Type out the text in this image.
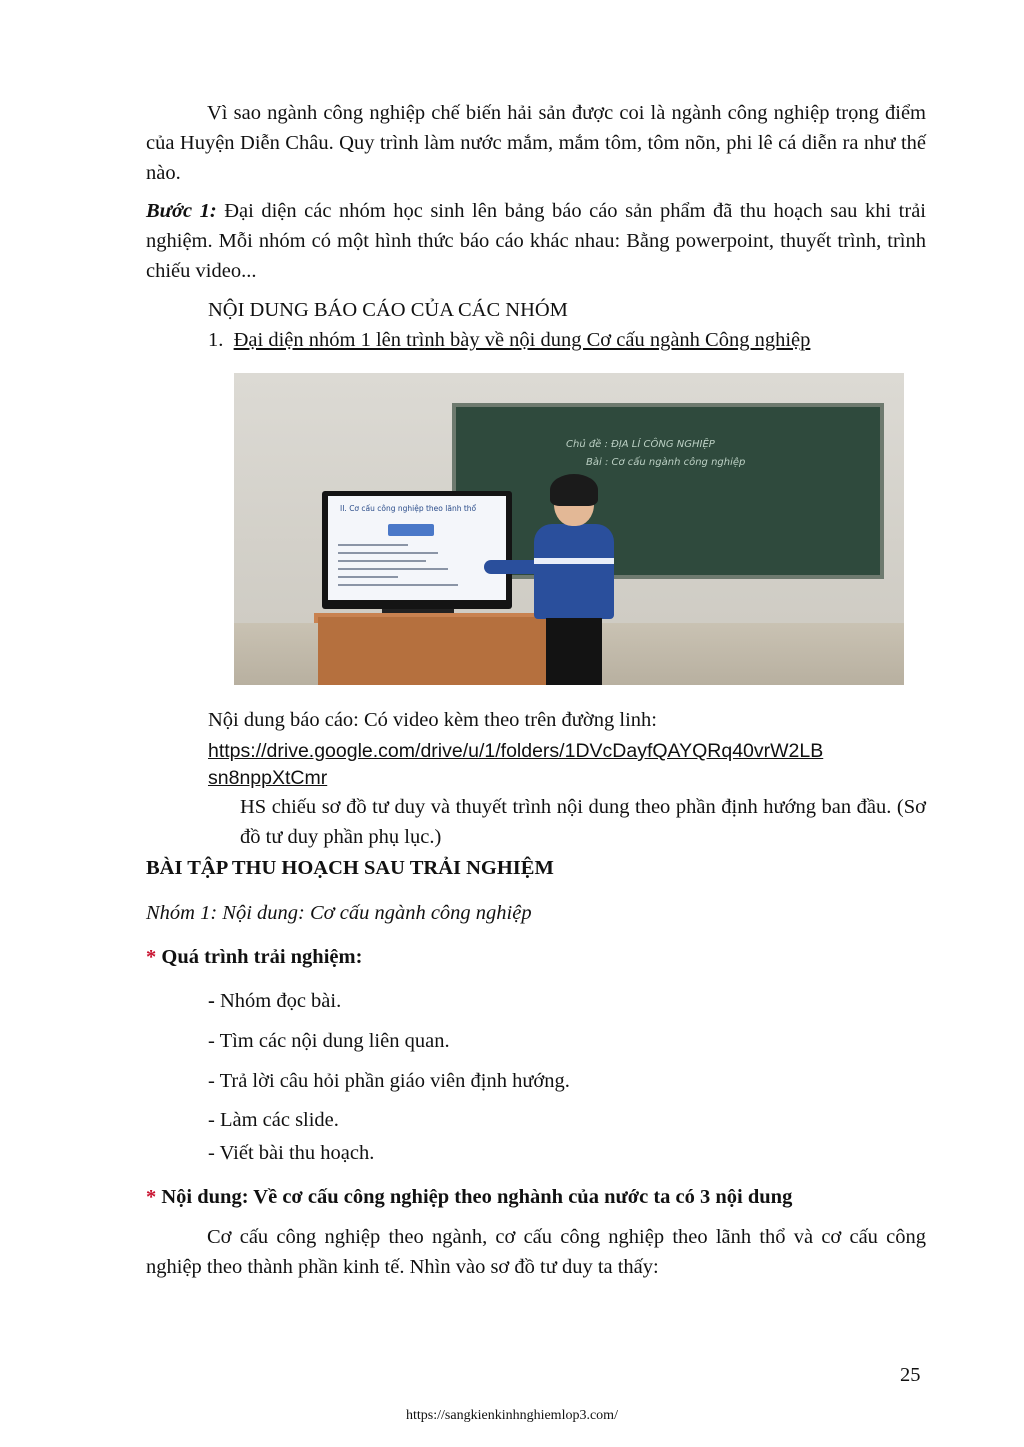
Vì sao ngành công nghiệp chế biến hải sản được coi là ngành công nghiệp trọng điểm của Huyện Diễn Châu. Quy trình làm nước mắm, mắm tôm, tôm nõn, phi lê cá diễn ra như thế nào.

Bước 1: Đại diện các nhóm học sinh lên bảng báo cáo sản phẩm đã thu hoạch sau khi trải nghiệm. Mỗi nhóm có một hình thức báo cáo khác nhau: Bằng powerpoint, thuyết trình, trình chiếu video...

NỘI DUNG BÁO CÁO CỦA CÁC NHÓM

1. Đại diện nhóm 1 lên trình bày về nội dung Cơ cấu ngành Công nghiệp

Chủ đề : ĐỊA LÍ CÔNG NGHIỆP
Bài : Cơ cấu ngành công nghiệp
II. Cơ cấu công nghiệp theo lãnh thổ

Nội dung báo cáo: Có video kèm theo trên đường linh:

https://drive.google.com/drive/u/1/folders/1DVcDayfQAYQRq40vrW2LB
sn8nppXtCmr

HS chiếu sơ đồ tư duy và thuyết trình nội dung theo phần định hướng ban đầu. (Sơ đồ tư duy phần phụ lục.)

BÀI TẬP THU HOẠCH SAU TRẢI NGHIỆM

Nhóm 1: Nội dung: Cơ cấu ngành công nghiệp

* Quá trình trải nghiệm:

- Nhóm đọc bài.

- Tìm các nội dung liên quan.

- Trả lời câu hỏi phần giáo viên định hướng.

- Làm các slide.

- Viết bài thu hoạch.

* Nội dung: Về cơ cấu công nghiệp theo nghành của nước ta có 3 nội dung

Cơ cấu công nghiệp theo ngành, cơ cấu công nghiệp theo lãnh thổ và cơ cấu công nghiệp theo thành phần kinh tế. Nhìn vào sơ đồ tư duy ta thấy:

25
https://sangkienkinhnghiemlop3.com/
